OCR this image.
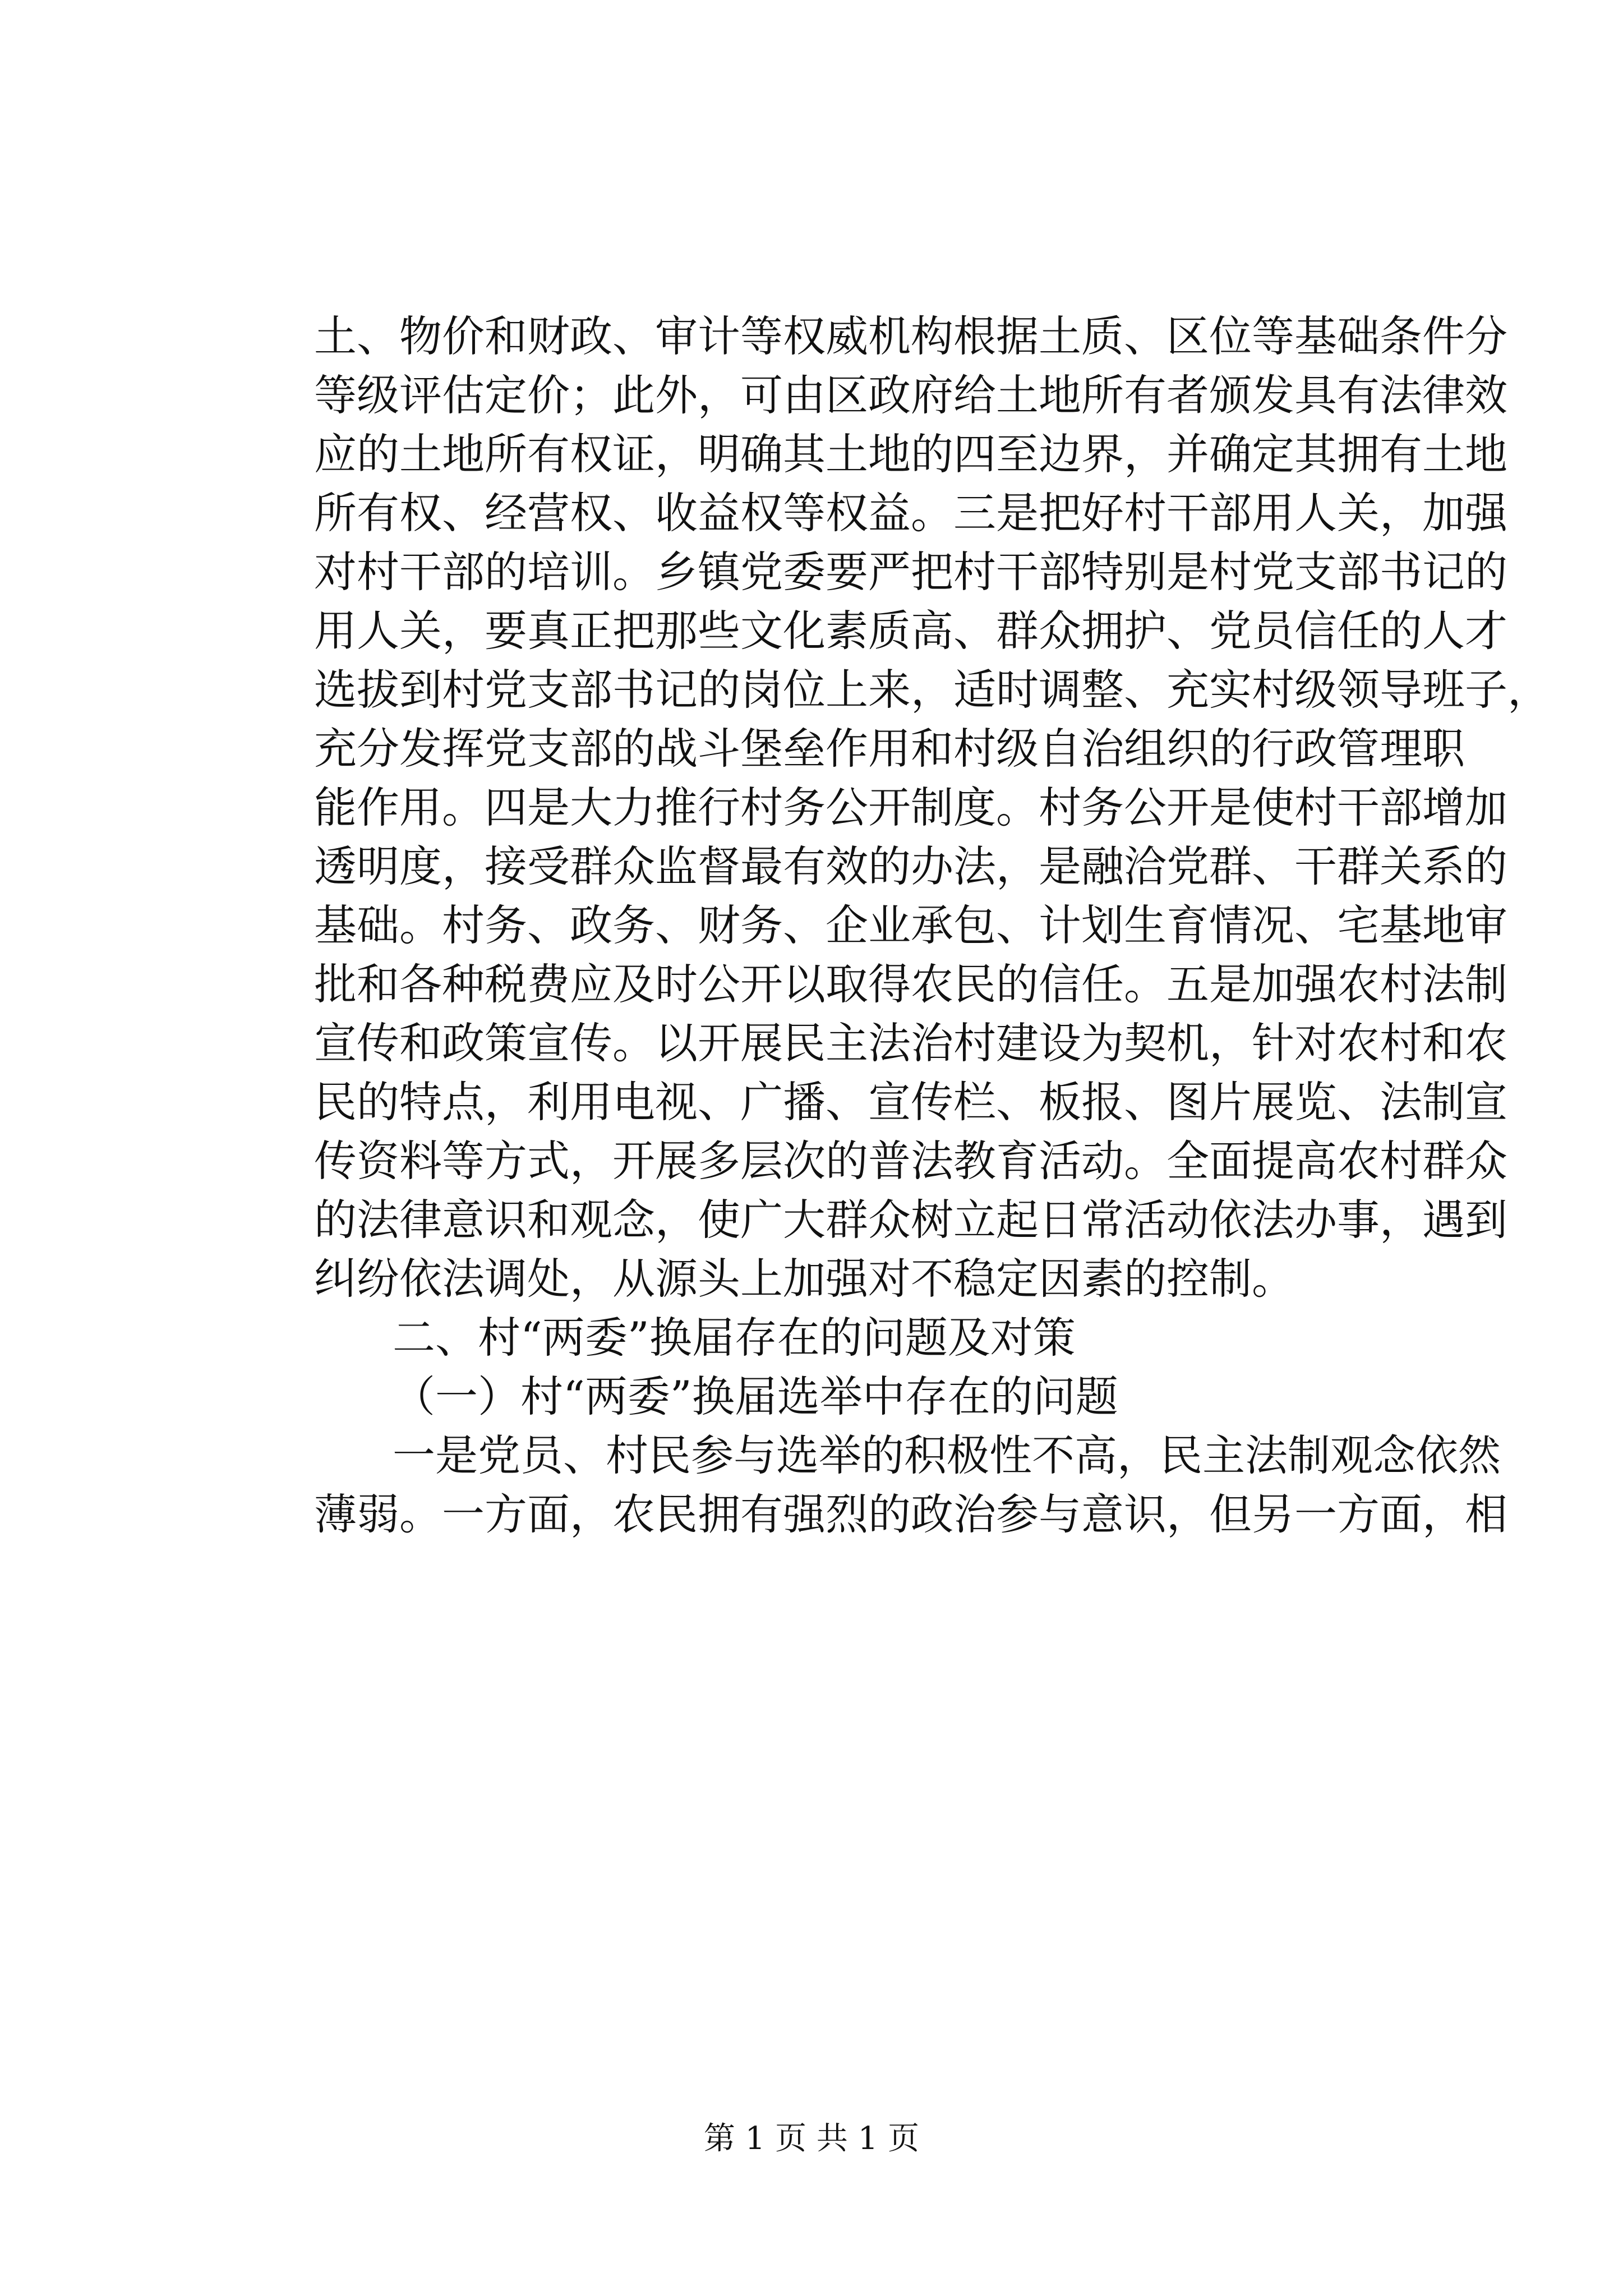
土、物价和财政、审计等权威机构根据土质、区位等基础条件分
等级评估定价；此外，可由区政府给土地所有者颁发具有法律效
应的土地所有权证，明确其土地的四至边界，并确定其拥有土地
所有权、经营权、收益权等权益。三是把好村干部用人关，加强
对村干部的培训。乡镇党委要严把村干部特别是村党支部书记的
用人关，要真正把那些文化素质高、群众拥护、党员信任的人才
选拔到村党支部书记的岗位上来，适时调整、充实村级领导班子，
充分发挥党支部的战斗堡垒作用和村级自治组织的行政管理职
能作用。四是大力推行村务公开制度。村务公开是使村干部增加
透明度，接受群众监督最有效的办法，是融洽党群、干群关系的
基础。村务、政务、财务、企业承包、计划生育情况、宅基地审
批和各种税费应及时公开以取得农民的信任。五是加强农村法制
宣传和政策宣传。以开展民主法治村建设为契机，针对农村和农
民的特点，利用电视、广播、宣传栏、板报、图片展览、法制宣
传资料等方式，开展多层次的普法教育活动。全面提高农村群众
的法律意识和观念，使广大群众树立起日常活动依法办事，遇到
纠纷依法调处，从源头上加强对不稳定因素的控制。
二、村“两委”换届存在的问题及对策
（一）村“两委”换届选举中存在的问题
一是党员、村民参与选举的积极性不高，民主法制观念依然
薄弱。一方面，农民拥有强烈的政治参与意识，但另一方面，相
第 1 页 共 1 页
